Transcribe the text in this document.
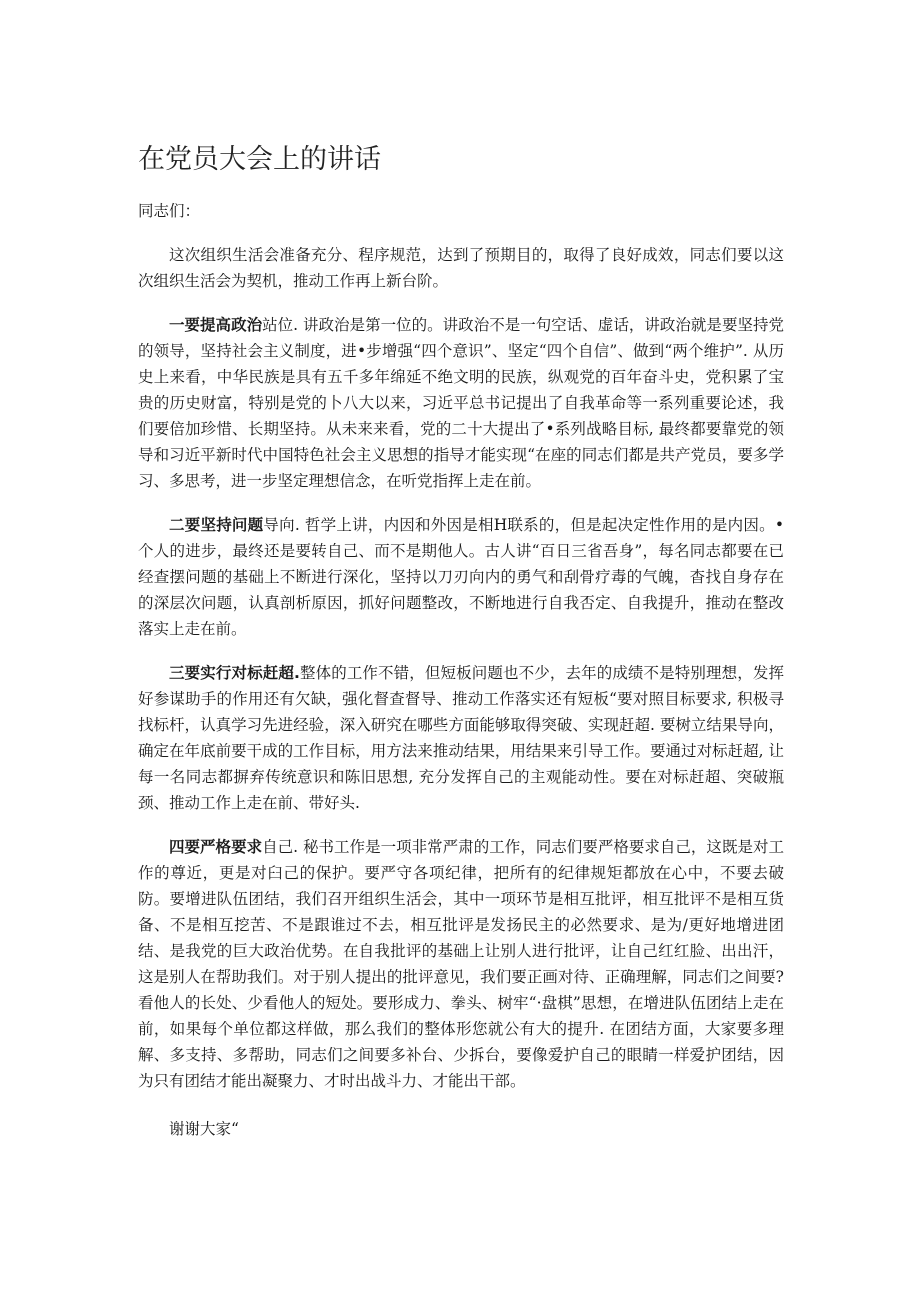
在党员大会上的讲话

同志们：

这次组织生活会准备充分、程序规范，达到了预期目的，取得了良好成效，同志们要以这次组织生活会为契机，推动工作再上新台阶。

一要提高政治站位. 讲政治是第一位的。讲政治不是一句空话、虚话，讲政治就是要坚持党的领导，坚持社会主义制度，进•步增强“四个意识”、坚定“四个自信”、做到“两个维护”. 从历史上来看，中华民族是具有五千多年绵延不绝文明的民族，纵观党的百年奋斗史，党积累了宝贵的历史财富，特别是党的卜八大以来，习近平总书记提出了自我革命等一系列重要论述，我们要倍加珍惜、长期坚持。从未来来看，党的二十大提出了•系列战略目标, 最终都要靠党的领导和习近平新时代中国特色社会主义思想的指导才能实现“在座的同志们都是共产党员，要多学习、多思考，进一步坚定理想信念，在听党指挥上走在前。

二要坚持问题导向. 哲学上讲，内因和外因是相H联系的，但是起决定性作用的是内因。•个人的进步，最终还是要转自己、而不是期他人。古人讲“百日三省吾身”，每名同志都要在已经查摆问题的基础上不断进行深化，坚持以刀刃向内的勇气和刮骨疗毒的气魄，杳找自身存在的深层次问题，认真剖析原因，抓好问题整改，不断地进行自我否定、自我提升，推动在整改落实上走在前。

三要实行对标赶超.整体的工作不错，但短板问题也不少，去年的成绩不是特别理想，发挥好参谋助手的作用还有欠缺，强化督查督导、推动工作落实还有短板“要对照目标要求, 积极寻找标杆，认真学习先进经验，深入研究在哪些方面能够取得突破、实现赶超. 要树立结果导向，确定在年底前要干成的工作目标，用方法来推动结果，用结果来引导工作。要通过对标赶超, 让每一名同志都摒弃传统意识和陈旧思想, 充分发挥自己的主观能动性。要在对标赶超、突破瓶颈、推动工作上走在前、带好头.

四要严格要求自己. 秘书工作是一项非常严肃的工作，同志们要严格要求自己，这既是对工作的尊近，更是对臼己的保护。要严守各项纪律，把所有的纪律规矩都放在心中，不要去破防。要增进队伍团结，我们召开组织生活会，其中一项环节是相互批评，相互批评不是相互货备、不是相互挖苦、不是跟谁过不去，相互批评是发扬民主的必然要求、是为/更好地增进团结、是我党的巨大政治优势。在自我批评的基础上让别人进行批评，让自己红红脸、出出汗，这是别人在帮助我们。对于别人提出的批评意见，我们要正画对待、正确理解，同志们之间要?看他人的长处、少看他人的短处。要形成力、拳头、树牢“·盘棋”思想，在增进队伍团结上走在前，如果每个单位都这样做，那么我们的整体形您就公有大的提升. 在团结方面，大家要多理解、多支持、多帮助，同志们之间要多补台、少拆台，要像爱护自己的眼睛一样爱护团结，因为只有团结才能出凝聚力、才时出战斗力、才能出干部。

谢谢大家“
